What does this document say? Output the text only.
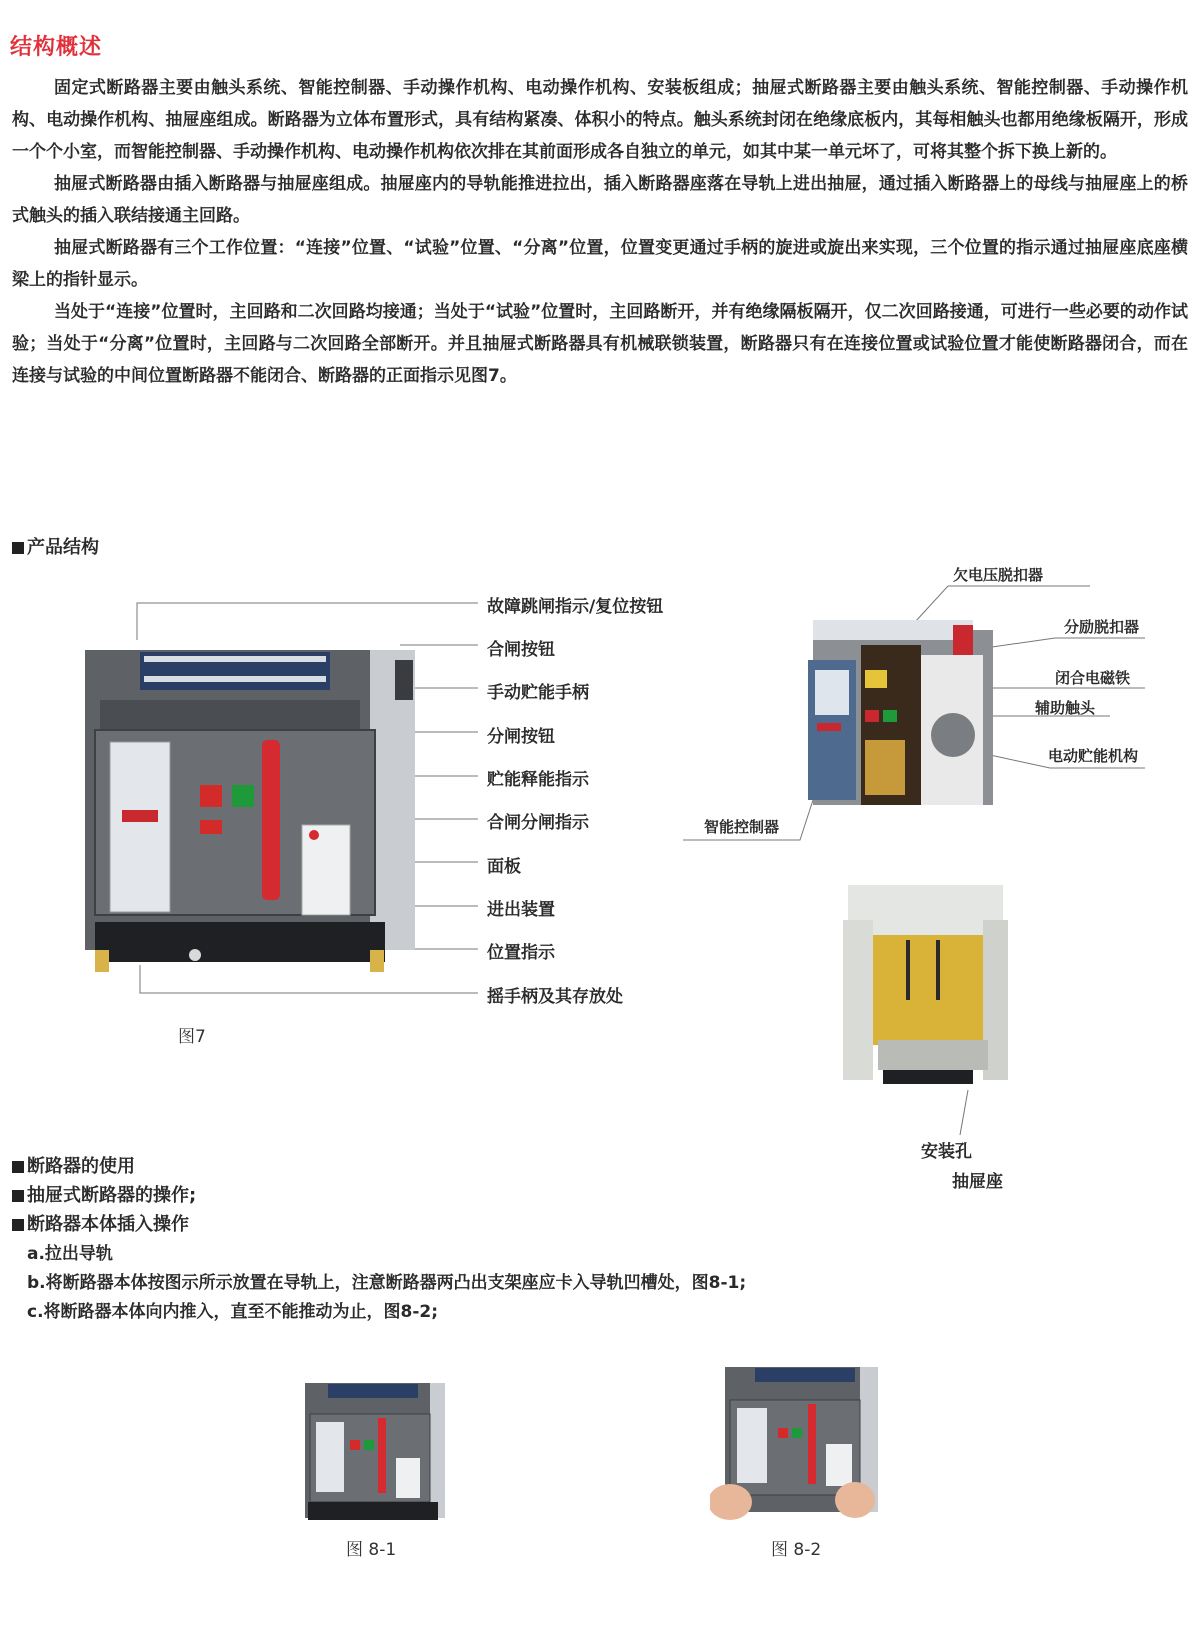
结构概述

固定式断路器主要由触头系统、智能控制器、手动操作机构、电动操作机构、安装板组成；抽屉式断路器主要由触头系统、智能控制器、手动操作机构、电动操作机构、抽屉座组成。断路器为立体布置形式，具有结构紧凑、体积小的特点。触头系统封闭在绝缘底板内，其每相触头也都用绝缘板隔开，形成一个个小室，而智能控制器、手动操作机构、电动操作机构依次排在其前面形成各自独立的单元，如其中某一单元坏了，可将其整个拆下换上新的。

抽屉式断路器由插入断路器与抽屉座组成。抽屉座内的导轨能推进拉出，插入断路器座落在导轨上进出抽屉，通过插入断路器上的母线与抽屉座上的桥式触头的插入联结接通主回路。

抽屉式断路器有三个工作位置：“连接”位置、“试验”位置、“分离”位置，位置变更通过手柄的旋进或旋出来实现，三个位置的指示通过抽屉座底座横梁上的指针显示。

当处于“连接”位置时，主回路和二次回路均接通；当处于“试验”位置时，主回路断开，并有绝缘隔板隔开，仅二次回路接通，可进行一些必要的动作试验；当处于“分离”位置时，主回路与二次回路全部断开。并且抽屉式断路器具有机械联锁装置，断路器只有在连接位置或试验位置才能使断路器闭合，而在连接与试验的中间位置断路器不能闭合、断路器的正面指示见图7。

产品结构
故障跳闸指示/复位按钮
合闸按钮
手动贮能手柄
分闸按钮
贮能释能指示
合闸分闸指示
面板
进出装置
位置指示
摇手柄及其存放处
图7
欠电压脱扣器
分励脱扣器
闭合电磁铁
辅助触头
电动贮能机构
智能控制器
安装孔
抽屉座
断路器的使用
抽屉式断路器的操作;
断路器本体插入操作
a.拉出导轨
b.将断路器本体按图示所示放置在导轨上，注意断路器两凸出支架座应卡入导轨凹槽处，图8-1;
c.将断路器本体向内推入，直至不能推动为止，图8-2;
图 8-1	图 8-2
